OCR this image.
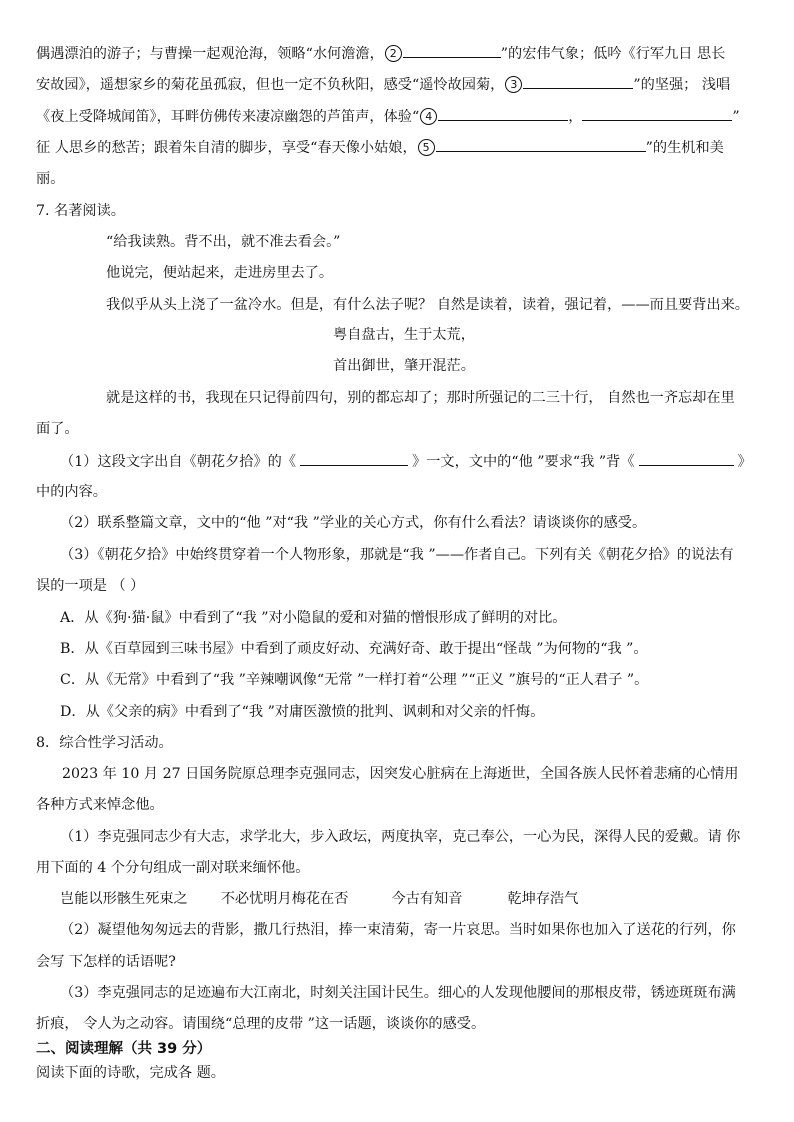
偶遇漂泊的游子；与曹操一起观沧海，领略“水何澹澹， 2	”的宏伟气象；低吟《行军九日 思长
安故园》，遥想家乡的菊花虽孤寂，但也一定不负秋阳，感受“遥怜故园菊， 3	”的坚强； 浅唱
《夜上受降城闻笛》，耳畔仿佛传来凄凉幽怨的芦笛声，体验“ 4	，	”
征 人思乡的愁苦；跟着朱自清的脚步，享受“春天像小姑娘， 5	”的生机和美
丽。
7. 名著阅读。
“给我读熟。背不出，就不准去看会。”
他说完，便站起来，走进房里去了。
我似乎从头上浇了一盆冷水。但是，有什么法子呢？ 自然是读着，读着，强记着，——而且要背出来。
粤自盘古，生于太荒，
首出御世，肇开混茫。
就是这样的书，我现在只记得前四句，别的都忘却了；那时所强记的二三十行， 自然也一齐忘却在里
面了。
（1）这段文字出自《朝花夕拾》的《	》一文，文中的“他 ”要求“我 ”背《	》
中的内容。
（2）联系整篇文章，文中的“他 ”对“我 ”学业的关心方式，你有什么看法？请谈谈你的感受。
（3）《朝花夕拾》中始终贯穿着一个人物形象，那就是“我 ”——作者自己。下列有关《朝花夕拾》的说法有
误的一项是 （ ）
A．从《狗·猫·鼠》中看到了“我 ”对小隐鼠的爱和对猫的憎恨形成了鲜明的对比。
B．从《百草园到三味书屋》中看到了顽皮好动、充满好奇、敢于提出“怪哉 ”为何物的“我 ”。
C．从《无常》中看到了“我 ”辛辣嘲讽像“无常 ”一样打着“公理 ”“正义 ”旗号的“正人君子 ”。
D．从《父亲的病》中看到了“我 ”对庸医激愤的批判、讽刺和对父亲的忏悔。
8．综合性学习活动。
2023 年 10 月 27 日国务院原总理李克强同志，因突发心脏病在上海逝世，全国各族人民怀着悲痛的心情用
各种方式来悼念他。
（1）李克强同志少有大志，求学北大，步入政坛，两度执宰，克己奉公，一心为民，深得人民的爱戴。请 你
用下面的 4 个分句组成一副对联来缅怀他。
岂能以形骸生死束之 不必忧明月梅花在否	今古有知音	乾坤存浩气
（2）凝望他匆匆远去的背影，撒几行热泪，捧一束清菊，寄一片哀思。当时如果你也加入了送花的行列，你
会写 下怎样的话语呢?
（3）李克强同志的足迹遍布大江南北，时刻关注国计民生。细心的人发现他腰间的那根皮带，锈迹斑斑布满
折痕， 令人为之动容。请围绕“总理的皮带 ”这一话题，谈谈你的感受。
二、阅读理解（共 39 分）
阅读下面的诗歌，完成各 题。
